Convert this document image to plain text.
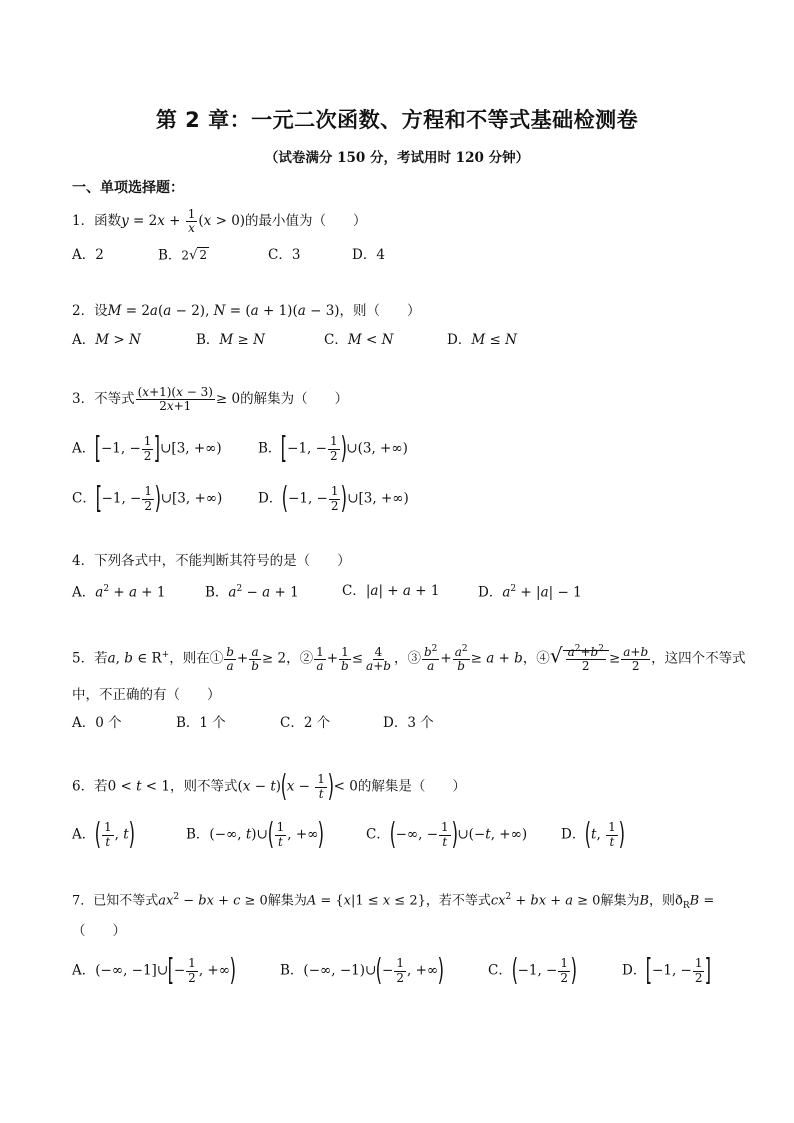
第 2 章：一元二次函数、方程和不等式基础检测卷
（试卷满分 150 分，考试用时 120 分钟）
一、单项选择题：
1．函数$y = 2x + \frac{1}{x} (x > 0)$的最小值为（　　）
A．2	B．2√ 2	C．3	D．4
2．设M = 2a(a − 2), N = (a + 1)(a − 3)，则（　　）
A．M > N	B．M ≥ N	C．M < N	D．M ≤ N
3．不等式 $\frac{(x+1)(x - 3)}{2x+1} \ge 0$的解集为（　　）
A．[−1, − $\frac{1}{2}$ ]∪[3, +∞)	B．[−1, − $\frac{1}{2}$ )∪(3, +∞)
C．[−1, − $\frac{1}{2}$ )∪[3, +∞)	D．(−1, − $\frac{1}{2}$ )∪[3, +∞)
4．下列各式中，不能判断其符号的是（　　）
A．$a^2 + a + 1$	B．$a^2 - a + 1$	C．|a| + a + 1	D．$a^2 + |a| - 1$
5．若a, b ∈ R+，则在① $\frac{b}{a} + \frac{a}{b} \ge 2$，② $\frac{1}{a} + \frac{1}{b} \le \frac{4}{a+b}$ ，③ $\frac{b^2}{a} + \frac{a^2}{b} \ge a + b$，④√ $\frac{a^2+b^2}{2} \ge \frac{a+b}{2}$ ，这四个不等式
中，不正确的有（　　）
A．0 个	B．1 个	C．2 个	D．3 个
6．若0 < t < 1，则不等式$(x - t)(x - \frac{1}{t}$ )< 0的解集是（　　）
A．( $\frac{1}{t}$ , t)	B．(−∞, t)∪( $\frac{1}{t}$ , +∞)	C．(−∞, − $\frac{1}{t}$ )∪(−t, +∞)	D．(t, $\frac{1}{t}$ )
7．已知不等式$ax^2$ − bx + c ≥ 0解集为A = {x|1 ≤ x ≤ 2}，若不等式$cx^2$ + bx + a ≥ 0解集为B，则$ð_RB$ =
（　　）
A．(−∞, −1]∪[− $\frac{1}{2}$ , +∞)	B．(−∞, −1)∪(− $\frac{1}{2}$ , +∞)	C．(−1, − $\frac{1}{2}$ )	D．[−1, − $\frac{1}{2}$ ]
